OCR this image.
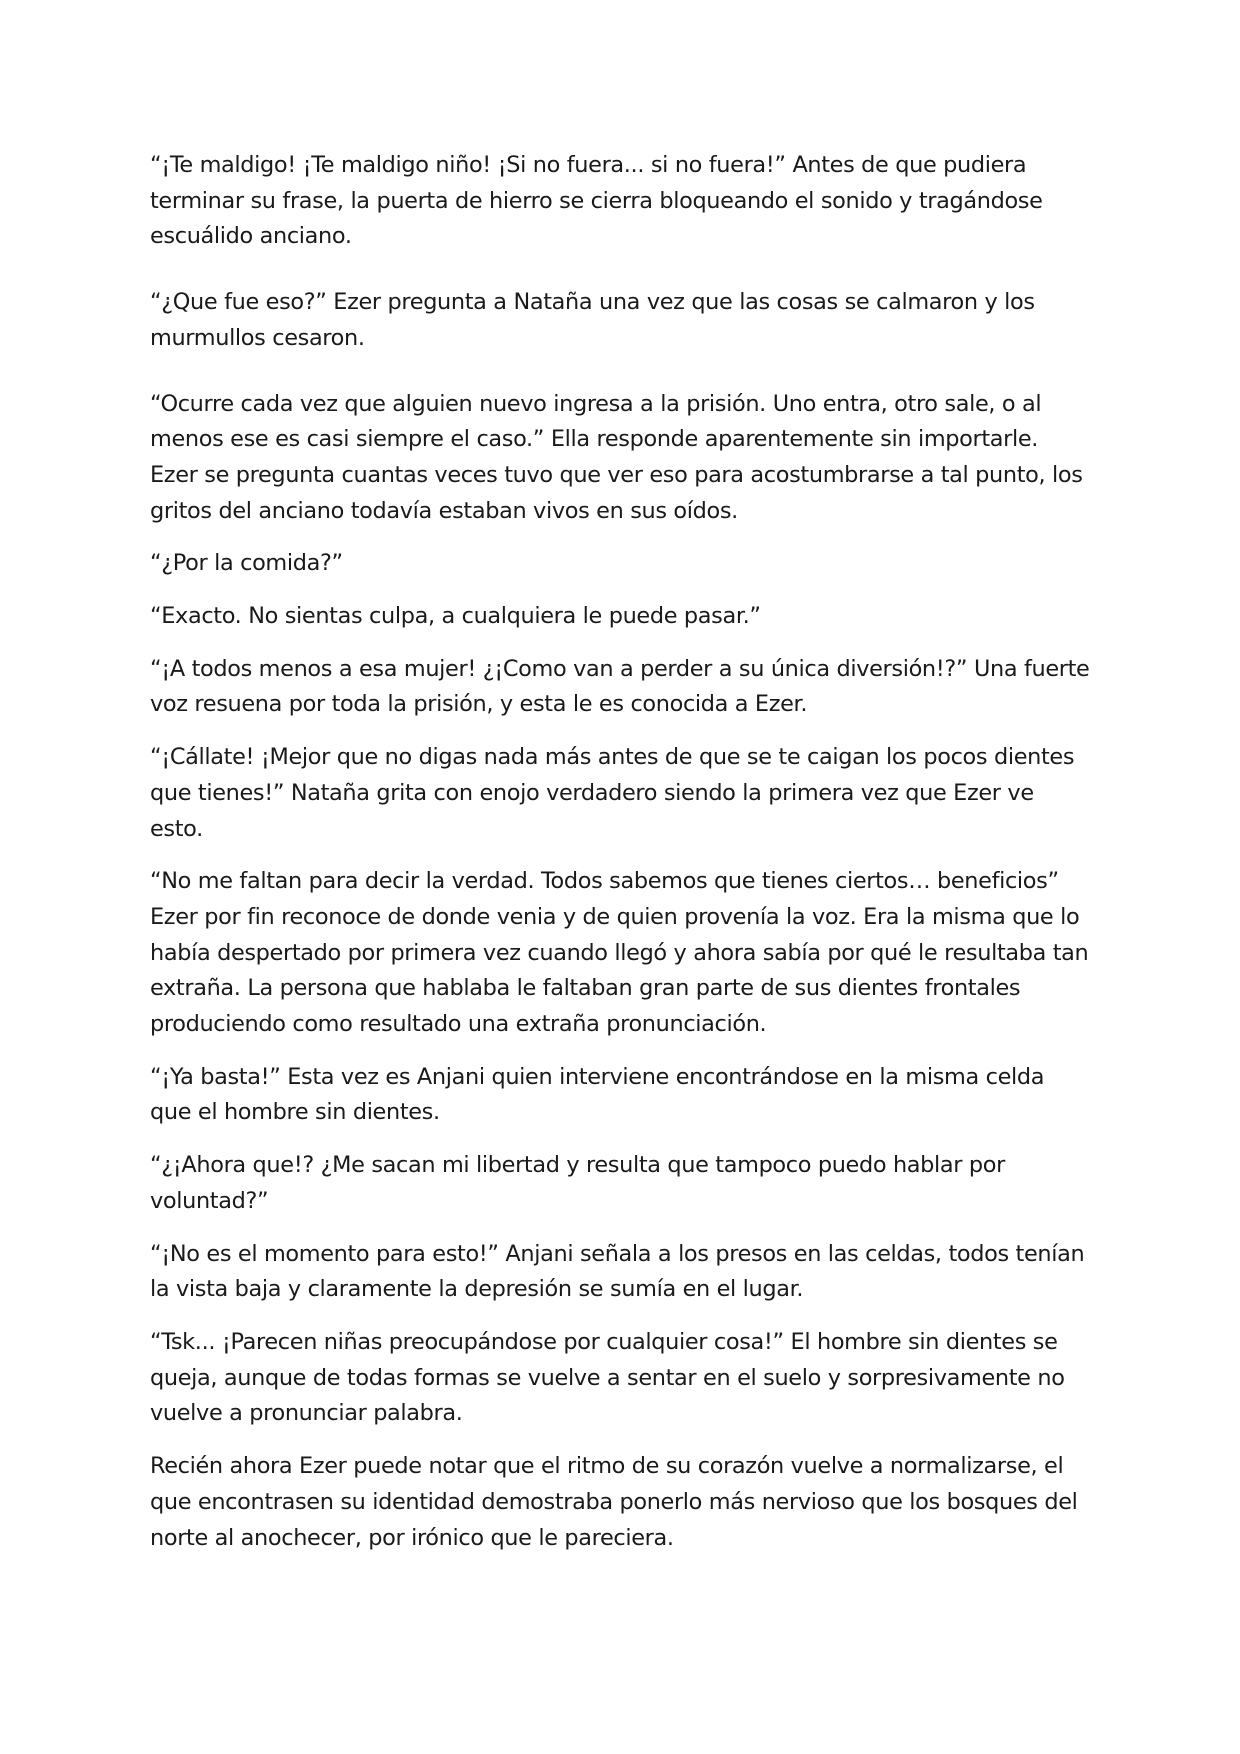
“¡Te maldigo! ¡Te maldigo niño! ¡Si no fuera... si no fuera!” Antes de que pudiera terminar su frase, la puerta de hierro se cierra bloqueando el sonido y tragándose escuálido anciano.

“¿Que fue eso?” Ezer pregunta a Nataña una vez que las cosas se calmaron y los murmullos cesaron.

“Ocurre cada vez que alguien nuevo ingresa a la prisión. Uno entra, otro sale, o al menos ese es casi siempre el caso.” Ella responde aparentemente sin importarle. Ezer se pregunta cuantas veces tuvo que ver eso para acostumbrarse a tal punto, los gritos del anciano todavía estaban vivos en sus oídos.

“¿Por la comida?”

“Exacto. No sientas culpa, a cualquiera le puede pasar.”

“¡A todos menos a esa mujer! ¿¡Como van a perder a su única diversión!?” Una fuerte voz resuena por toda la prisión, y esta le es conocida a Ezer.

“¡Cállate! ¡Mejor que no digas nada más antes de que se te caigan los pocos dientes que tienes!” Nataña grita con enojo verdadero siendo la primera vez que Ezer ve esto.

“No me faltan para decir la verdad. Todos sabemos que tienes ciertos… beneficios” Ezer por fin reconoce de donde venia y de quien provenía la voz. Era la misma que lo había despertado por primera vez cuando llegó y ahora sabía por qué le resultaba tan extraña. La persona que hablaba le faltaban gran parte de sus dientes frontales produciendo como resultado una extraña pronunciación.

“¡Ya basta!” Esta vez es Anjani quien interviene encontrándose en la misma celda que el hombre sin dientes.

“¿¡Ahora que!? ¿Me sacan mi libertad y resulta que tampoco puedo hablar por voluntad?”

“¡No es el momento para esto!” Anjani señala a los presos en las celdas, todos tenían la vista baja y claramente la depresión se sumía en el lugar.

“Tsk... ¡Parecen niñas preocupándose por cualquier cosa!” El hombre sin dientes se queja, aunque de todas formas se vuelve a sentar en el suelo y sorpresivamente no vuelve a pronunciar palabra.

Recién ahora Ezer puede notar que el ritmo de su corazón vuelve a normalizarse, el que encontrasen su identidad demostraba ponerlo más nervioso que los bosques del norte al anochecer, por irónico que le pareciera.
